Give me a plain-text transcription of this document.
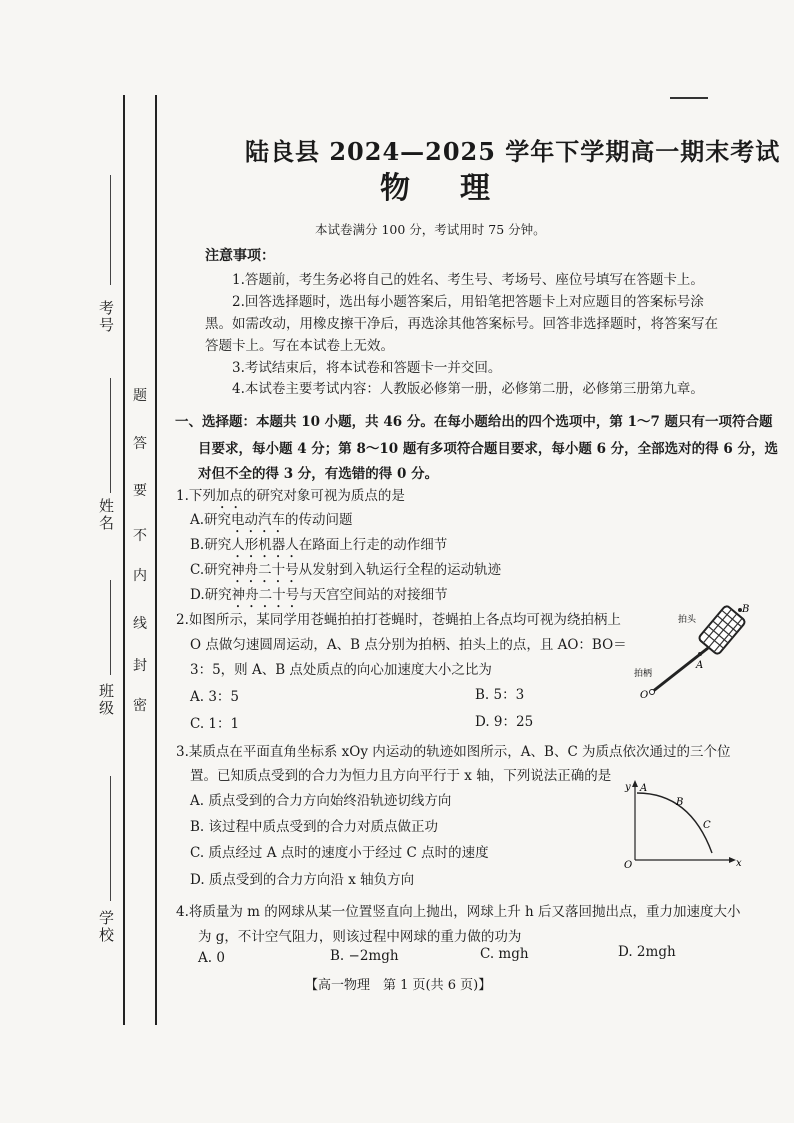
考号
姓名
班级
学校
题
答
要
不
内
线
封
密
陆良县 2024—2025 学年下学期高一期末考试
物理
本试卷满分 100 分，考试用时 75 分钟。
注意事项：
1.答题前，考生务必将自己的姓名、考生号、考场号、座位号填写在答题卡上。
2.回答选择题时，选出每小题答案后，用铅笔把答题卡上对应题目的答案标号涂
黑。如需改动，用橡皮擦干净后，再选涂其他答案标号。回答非选择题时，将答案写在
答题卡上。写在本试卷上无效。
3.考试结束后，将本试卷和答题卡一并交回。
4.本试卷主要考试内容：人教版必修第一册，必修第二册，必修第三册第九章。
一、选择题：本题共 10 小题，共 46 分。在每小题给出的四个选项中，第 1～7 题只有一项符合题
目要求，每小题 4 分；第 8～10 题有多项符合题目要求，每小题 6 分，全部选对的得 6 分，选
对但不全的得 3 分，有选错的得 0 分。
1.下列加点的研究对象可视为质点的是
A.研究电动汽车的传动问题
B.研究人形机器人在路面上行走的动作细节
C.研究神舟二十号从发射到入轨运行全程的运动轨迹
D.研究神舟二十号与天宫空间站的对接细节
2.如图所示，某同学用苍蝇拍拍打苍蝇时，苍蝇拍上各点均可视为绕拍柄上
O 点做匀速圆周运动，A、B 点分别为拍柄、拍头上的点，且 AO：BO＝
3：5，则 A、B 点处质点的向心加速度大小之比为
A. 3：5	B. 5：3
C. 1：1	D. 9：25
拍头
B
A
拍柄
O
3.某质点在平面直角坐标系 xOy 内运动的轨迹如图所示，A、B、C 为质点依次通过的三个位
置。已知质点受到的合力为恒力且方向平行于 x 轴，下列说法正确的是
A. 质点受到的合力方向始终沿轨迹切线方向
B. 该过程中质点受到的合力对质点做正功
C. 质点经过 A 点时的速度小于经过 C 点时的速度
D. 质点受到的合力方向沿 x 轴负方向
y
x
O
A
B
C
4.将质量为 m 的网球从某一位置竖直向上抛出，网球上升 h 后又落回抛出点，重力加速度大小
为 g，不计空气阻力，则该过程中网球的重力做的功为
A. 0	B. −2mgh	C. mgh	D. 2mgh
【高一物理　第 1 页(共 6 页)】
